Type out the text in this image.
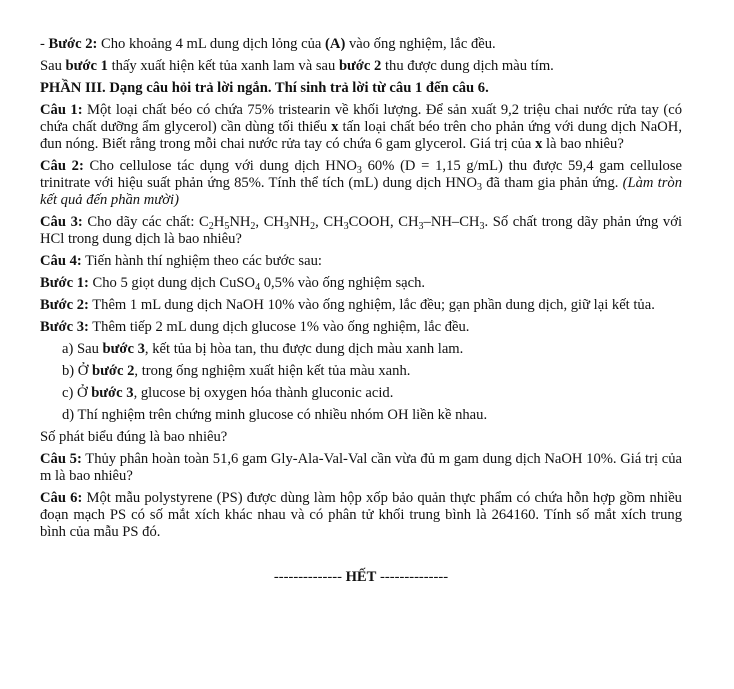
- Bước 2: Cho khoảng 4 mL dung dịch lỏng của (A) vào ống nghiệm, lắc đều.

Sau bước 1 thấy xuất hiện kết tủa xanh lam và sau bước 2 thu được dung dịch màu tím.

PHẦN III. Dạng câu hỏi trả lời ngắn. Thí sinh trả lời từ câu 1 đến câu 6.

Câu 1: Một loại chất béo có chứa 75% tristearin về khối lượng. Để sản xuất 9,2 triệu chai nước rửa tay (có chứa chất dưỡng ẩm glycerol) cần dùng tối thiểu x tấn loại chất béo trên cho phản ứng với dung dịch NaOH, đun nóng. Biết rằng trong mỗi chai nước rửa tay có chứa 6 gam glycerol. Giá trị của x là bao nhiêu?

Câu 2: Cho cellulose tác dụng với dung dịch $HNO_3$ 60% (D = 1,15 g/mL) thu được 59,4 gam cellulose trinitrate với hiệu suất phản ứng 85%. Tính thể tích (mL) dung dịch $HNO_3$ đã tham gia phản ứng. (Làm tròn kết quả đến phần mười)

Câu 3: Cho dãy các chất: $C_2H_5NH_2$, $CH_3NH_2$, $CH_3COOH$, $CH_3-NH-CH_3$. Số chất trong dãy phản ứng với HCl trong dung dịch là bao nhiêu?

Câu 4: Tiến hành thí nghiệm theo các bước sau:

Bước 1: Cho 5 giọt dung dịch CuSO$_4$ 0,5% vào ống nghiệm sạch.

Bước 2: Thêm 1 mL dung dịch NaOH 10% vào ống nghiệm, lắc đều; gạn phần dung dịch, giữ lại kết tủa.

Bước 3: Thêm tiếp 2 mL dung dịch glucose 1% vào ống nghiệm, lắc đều.

a) Sau bước 3, kết tủa bị hòa tan, thu được dung dịch màu xanh lam.

b) Ở bước 2, trong ống nghiệm xuất hiện kết tủa màu xanh.

c) Ở bước 3, glucose bị oxygen hóa thành gluconic acid.

d) Thí nghiệm trên chứng minh glucose có nhiều nhóm OH liền kề nhau.

Số phát biểu đúng là bao nhiêu?

Câu 5: Thủy phân hoàn toàn 51,6 gam Gly-Ala-Val-Val cần vừa đủ m gam dung dịch NaOH 10%. Giá trị của m là bao nhiêu?

Câu 6: Một mẫu polystyrene (PS) được dùng làm hộp xốp bảo quản thực phẩm có chứa hỗn hợp gồm nhiều đoạn mạch PS có số mắt xích khác nhau và có phân tử khối trung bình là 264160. Tính số mắt xích trung bình của mẫu PS đó.

-------------- HẾT --------------
